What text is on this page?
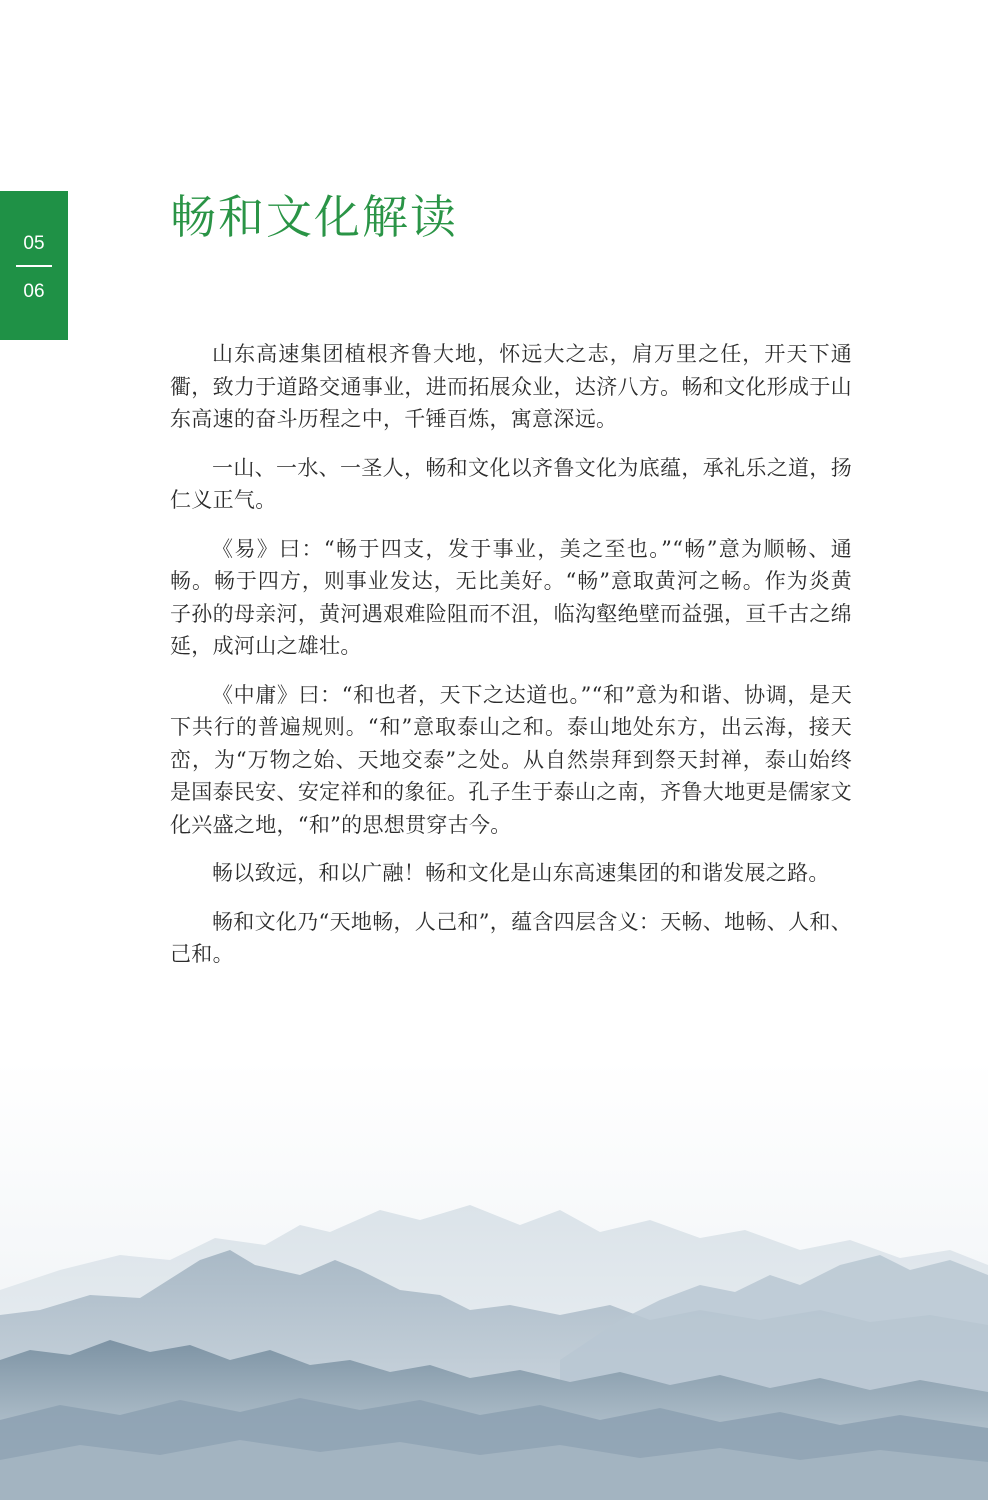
05
06
畅和文化解读

山东高速集团植根齐鲁大地，怀远大之志，肩万里之任，开天下通衢，致力于道路交通事业，进而拓展众业，达济八方。畅和文化形成于山东高速的奋斗历程之中，千锤百炼，寓意深远。

一山、一水、一圣人，畅和文化以齐鲁文化为底蕴，承礼乐之道，扬仁义正气。

《易》曰：“畅于四支，发于事业，美之至也。”“畅”意为顺畅、通畅。畅于四方，则事业发达，无比美好。“畅”意取黄河之畅。作为炎黄子孙的母亲河，黄河遇艰难险阻而不沮，临沟壑绝壁而益强，亘千古之绵延，成河山之雄壮。

《中庸》曰：“和也者，天下之达道也。”“和”意为和谐、协调，是天下共行的普遍规则。“和”意取泰山之和。泰山地处东方，出云海，接天峦，为“万物之始、天地交泰”之处。从自然崇拜到祭天封禅，泰山始终是国泰民安、安定祥和的象征。孔子生于泰山之南，齐鲁大地更是儒家文化兴盛之地，“和”的思想贯穿古今。

畅以致远，和以广融！畅和文化是山东高速集团的和谐发展之路。

畅和文化乃“天地畅，人己和”，蕴含四层含义：天畅、地畅、人和、己和。
